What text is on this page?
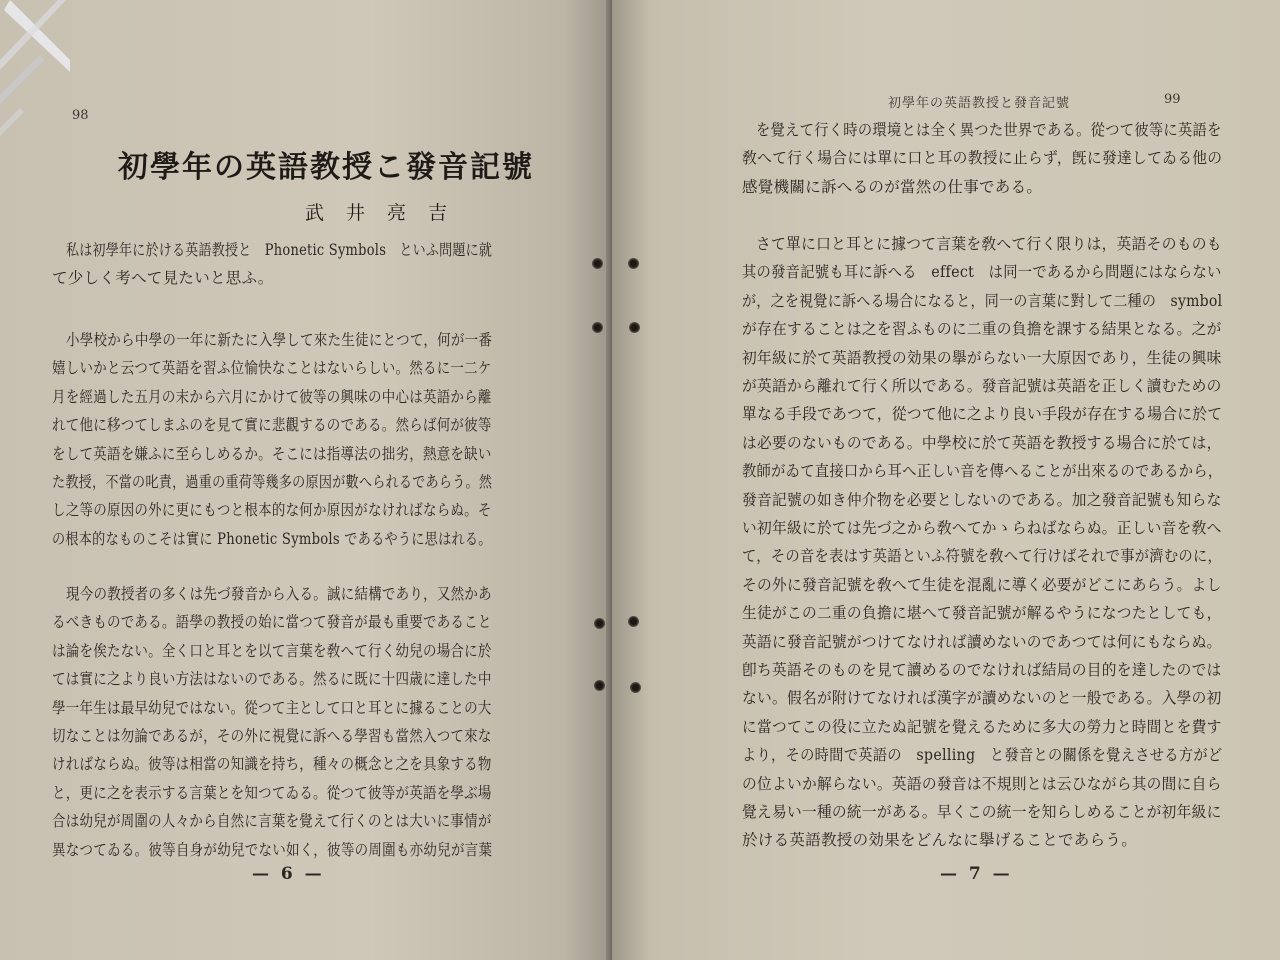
98
初學年の英語教授こ發音記號
武井亮吉
私は初學年に於ける英語教授と　Phonetic Symbols　といふ問題に就
て少しく考へて見たいと思ふ。
小學校から中學の一年に新たに入學して來た生徒にとつて，何が一番
嬉しいかと云つて英語を習ふ位愉快なことはないらしい。然るに一二ケ
月を經過した五月の末から六月にかけて彼等の興味の中心は英語から離
れて他に移つてしまふのを見て實に悲觀するのである。然らば何が彼等
をして英語を嫌ふに至らしめるか。そこには指導法の拙劣，熱意を缺い
た教授，不當の叱責，過重の重荷等幾多の原因が數へられるであらう。然
し之等の原因の外に更にもつと根本的な何か原因がなければならぬ。そ
の根本的なものこそは實に Phonetic Symbols であるやうに思はれる。
現今の教授者の多くは先づ發音から入る。誠に結構であり，又然かあ
るべきものである。語學の教授の始に當つて發音が最も重要であること
は論を俟たない。全く口と耳とを以て言葉を敎へて行く幼兒の場合に於
ては實に之より良い方法はないのである。然るに既に十四歳に達した中
學一年生は最早幼兒ではない。從つて主として口と耳とに據ることの大
切なことは勿論であるが，その外に視覺に訴へる學習も當然入つて來な
ければならぬ。彼等は相當の知識を持ち，種々の概念と之を具象する物
と，更に之を表示する言葉とを知つてゐる。從つて彼等が英語を學ぶ場
合は幼兒が周圍の人々から自然に言葉を覺えて行くのとは大いに事情が
異なつてゐる。彼等自身が幼兒でない如く，彼等の周圍も亦幼兒が言葉
— 6 —
初學年の英語教授と發音記號	99
を覺えて行く時の環境とは全く異つた世界である。從つて彼等に英語を
敎へて行く場合には單に口と耳の教授に止らず，旣に發達してゐる他の
感覺機關に訴へるのが當然の仕事である。
さて單に口と耳とに據つて言葉を敎へて行く限りは，英語そのものも
其の發音記號も耳に訴へる　effect　は同一であるから問題にはならない
が，之を視覺に訴へる場合になると，同一の言葉に對して二種の　symbol
が存在することは之を習ふものに二重の負擔を課する結果となる。之が
初年級に於て英語教授の効果の擧がらない一大原因であり，生徒の興味
が英語から離れて行く所以である。發音記號は英語を正しく讀むための
單なる手段であつて，從つて他に之より良い手段が存在する場合に於て
は必要のないものである。中學校に於て英語を教授する場合に於ては，
教師がゐて直接口から耳へ正しい音を傳へることが出來るのであるから，
發音記號の如き仲介物を必要としないのである。加之發音記號も知らな
い初年級に於ては先づ之から敎へてかゝらねばならぬ。正しい音を敎へ
て，その音を表はす英語といふ符號を敎へて行けばそれで事が濟むのに，
その外に發音記號を敎へて生徒を混亂に導く必要がどこにあらう。よし
生徒がこの二重の負擔に堪へて發音記號が解るやうになつたとしても，
英語に發音記號がつけてなければ讀めないのであつては何にもならぬ。
卽ち英語そのものを見て讀めるのでなければ結局の目的を達したのでは
ない。假名が附けてなければ漢字が讀めないのと一般である。入學の初
に當つてこの役に立たぬ記號を覺えるために多大の勞力と時間とを費す
より，その時間で英語の　spelling　と發音との關係を覺えさせる方がど
の位よいか解らない。英語の發音は不規則とは云ひながら其の間に自ら
覺え易い一種の統一がある。早くこの統一を知らしめることが初年級に
於ける英語教授の効果をどんなに擧げることであらう。
— 7 —
